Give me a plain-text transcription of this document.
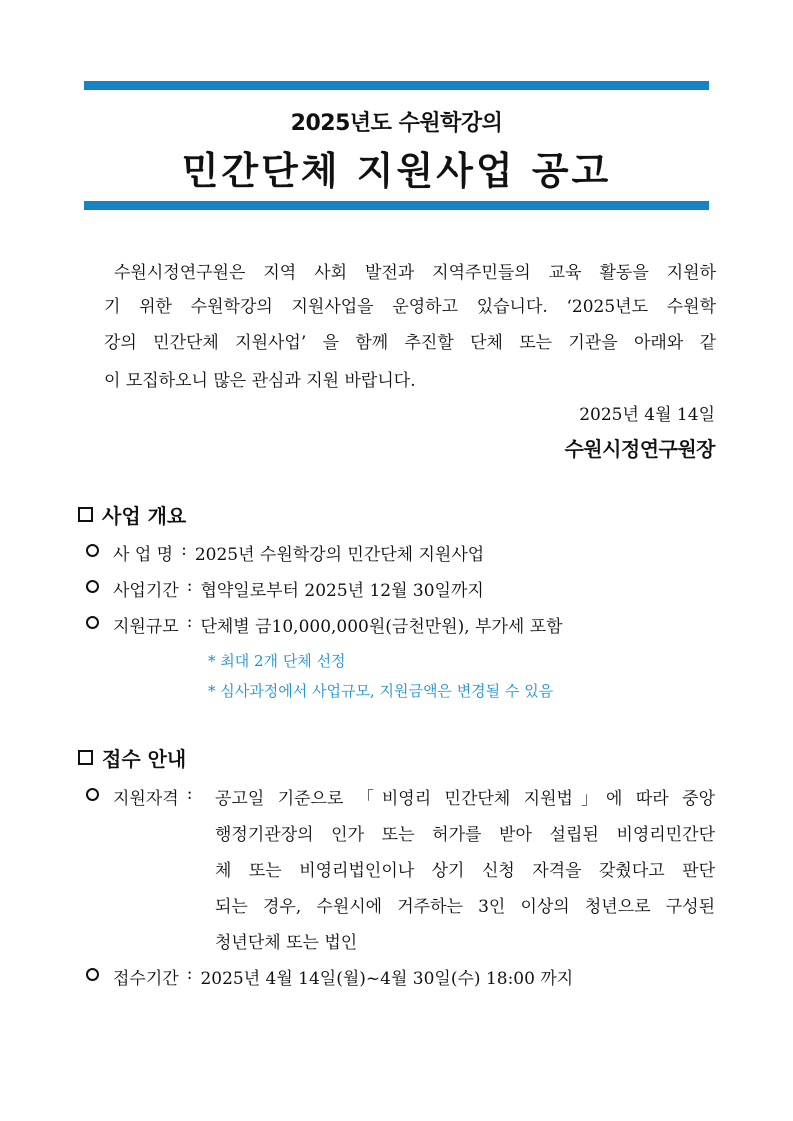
2025년도 수원학강의
민간단체 지원사업 공고
수원시정연구원은 지역 사회 발전과 지역주민들의 교육 활동을 지원하
기 위한 수원학강의 지원사업을 운영하고 있습니다. ‘2025년도 수원학
강의 민간단체 지원사업’ 을 함께 추진할 단체 또는 기관을 아래와 같
이 모집하오니 많은 관심과 지원 바랍니다.
2025년 4월 14일
수원시정연구원장
사업 개요
사 업 명 : 2025년 수원학강의 민간단체 지원사업
사업기간 : 협약일로부터 2025년 12월 30일까지
지원규모 : 단체별 금10,000,000원(금천만원), 부가세 포함
* 최대 2개 단체 선정
* 심사과정에서 사업규모, 지원금액은 변경될 수 있음
접수 안내
지원자격 : 공고일 기준으로 「비영리 민간단체 지원법」에 따라 중앙
행정기관장의 인가 또는 허가를 받아 설립된 비영리민간단
체 또는 비영리법인이나 상기 신청 자격을 갖췄다고 판단
되는 경우, 수원시에 거주하는 3인 이상의 청년으로 구성된
청년단체 또는 법인
접수기간 : 2025년 4월 14일(월)~4월 30일(수) 18:00 까지
